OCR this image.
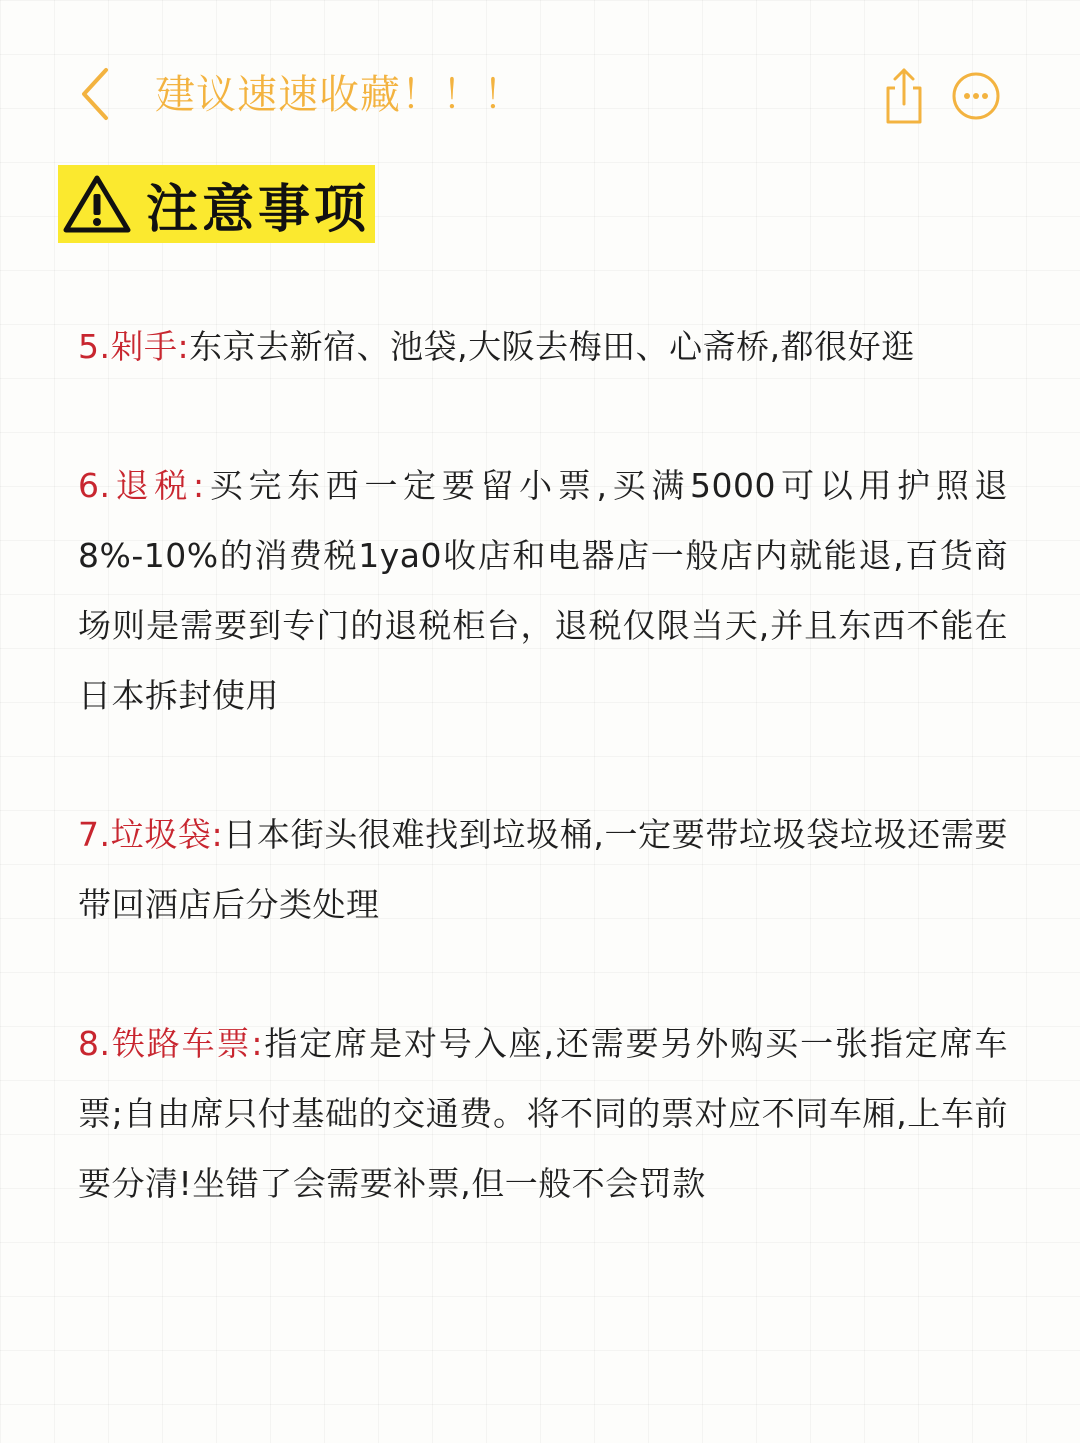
建议速速收藏！！！
注意事项

5.剁手:东京去新宿、池袋,大阪去梅田、心斋桥,都很好逛

6.退税:买完东西一定要留小票,买满5000可以用护照退8%-10%的消费税1ya0收店和电器店一般店内就能退,百货商场则是需要到专门的退税柜台，退税仅限当天,并且东西不能在日本拆封使用

7.垃圾袋:日本街头很难找到垃圾桶,一定要带垃圾袋垃圾还需要带回酒店后分类处理

8.铁路车票:指定席是对号入座,还需要另外购买一张指定席车票;自由席只付基础的交通费。将不同的票对应不同车厢,上车前要分清!坐错了会需要补票,但一般不会罚款
